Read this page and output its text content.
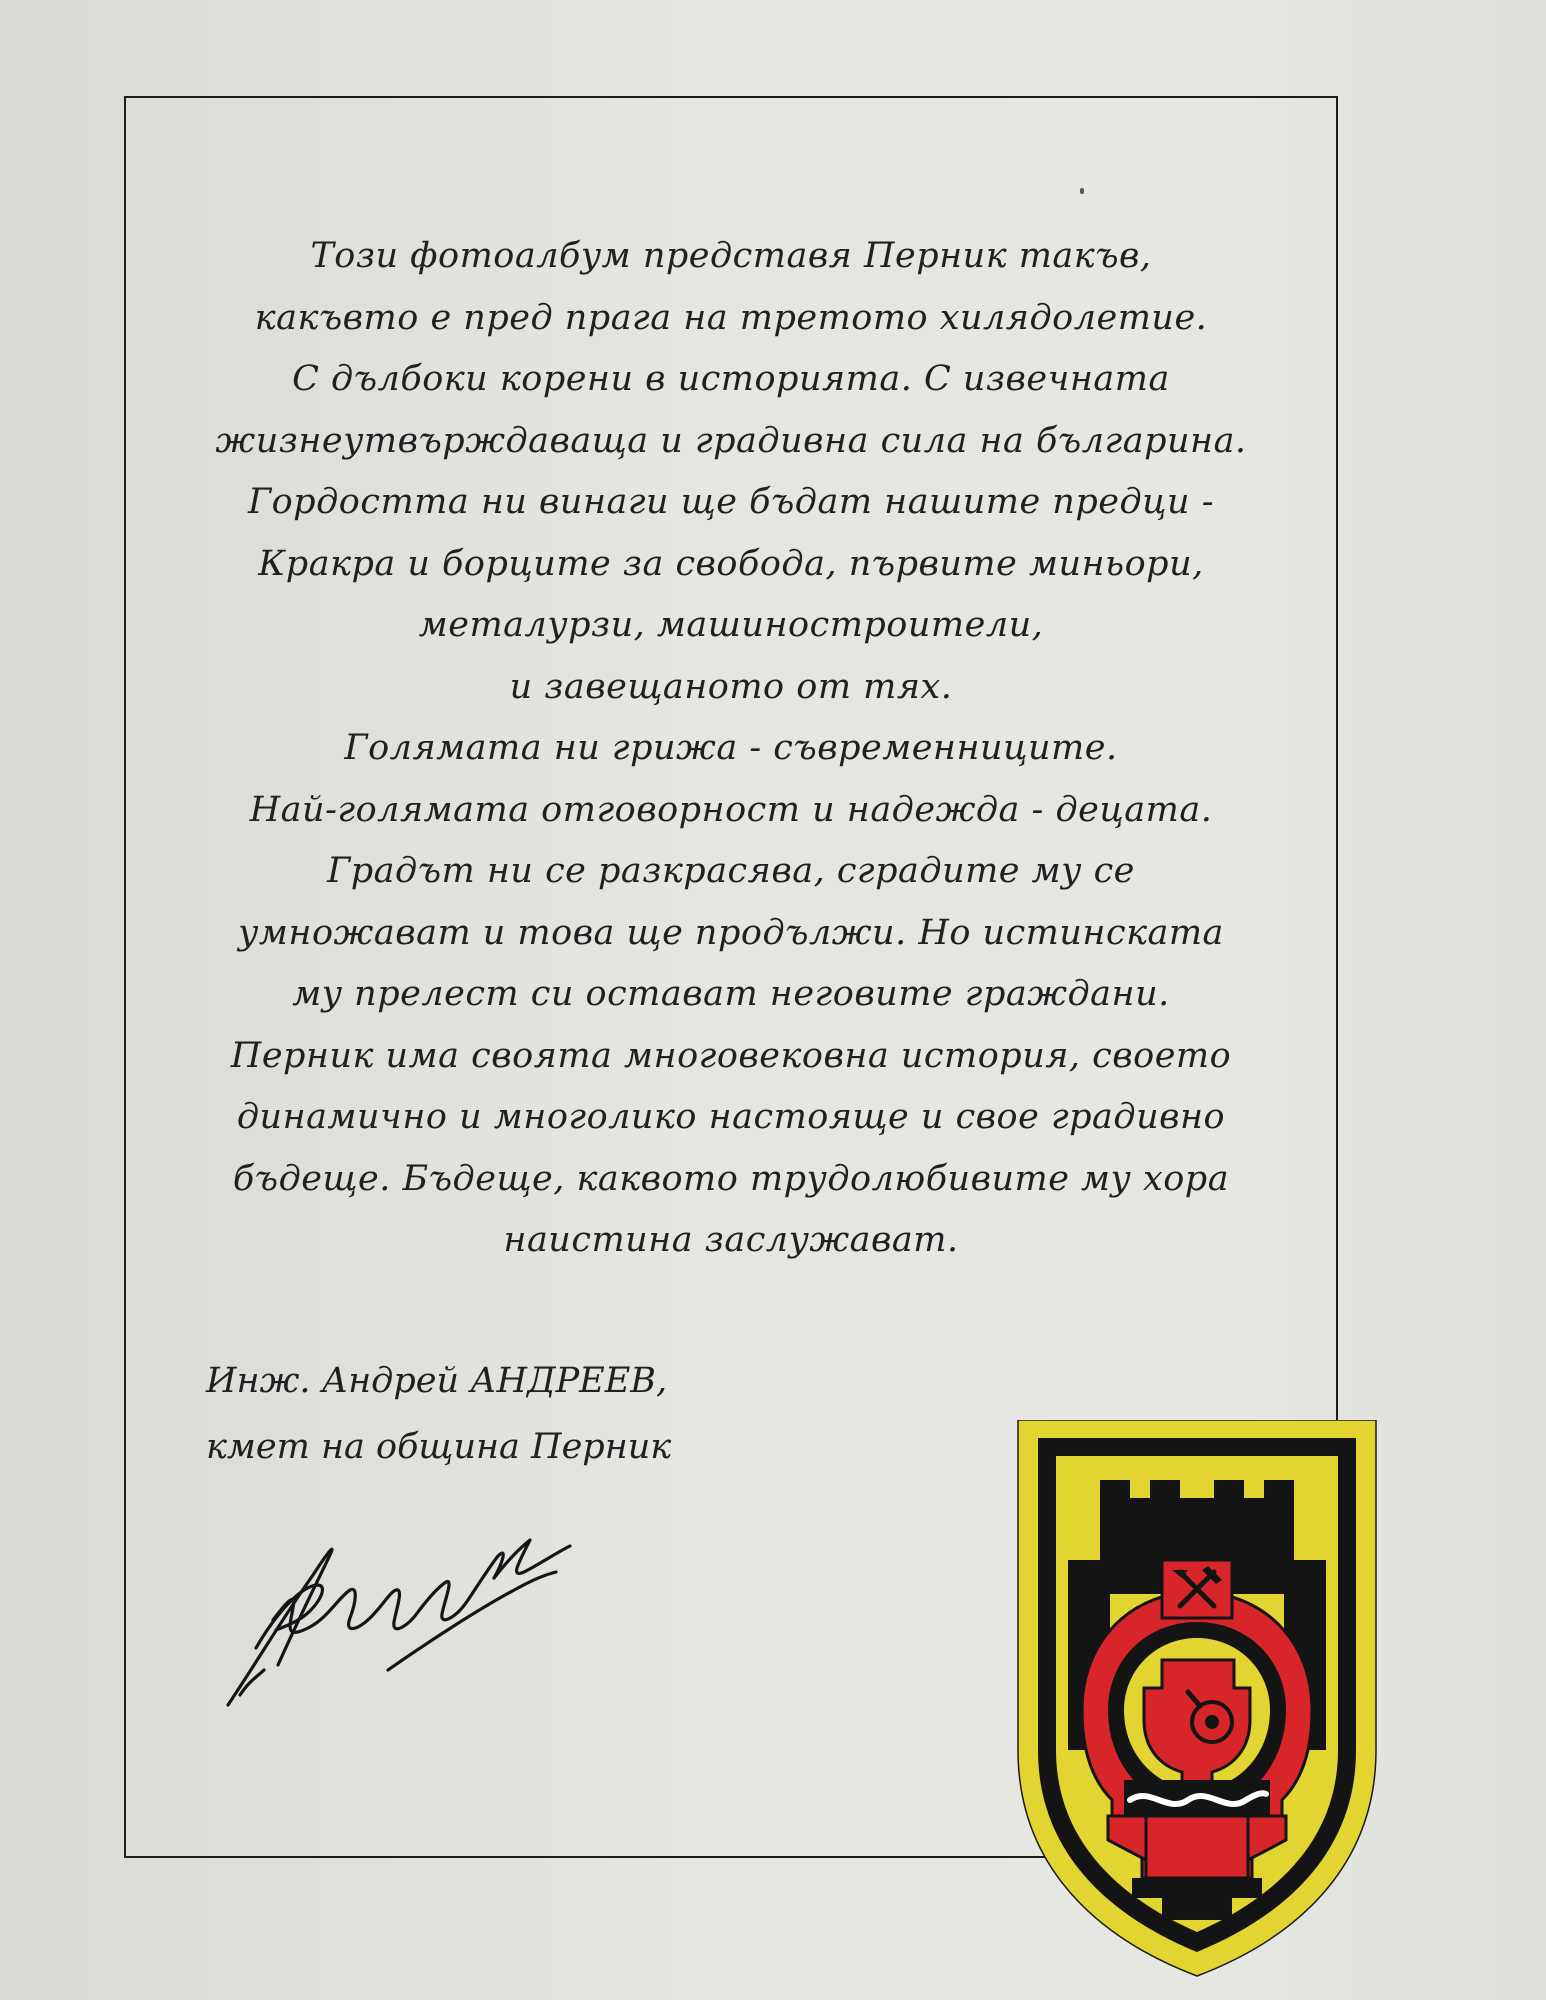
Този фотоалбум представя Перник такъв,
какъвто е пред прага на третото хилядолетие.
С дълбоки корени в историята. С извечната
жизнеутвърждаваща и градивна сила на българина.
Гордостта ни винаги ще бъдат нашите предци -
Кракра и борците за свобода, първите миньори,
металурзи, машиностроители,
и завещаното от тях.
Голямата ни грижа - съвременниците.
Най-голямата отговорност и надежда - децата.
Градът ни се разкрасява, сградите му се
умножават и това ще продължи. Но истинската
му прелест си остават неговите граждани.
Перник има своята многовековна история, своето
динамично и многолико настояще и свое градивно
бъдеще. Бъдеще, каквото трудолюбивите му хора
наистина заслужават.
Инж. Андрей АНДРЕЕВ,
кмет на община Перник
